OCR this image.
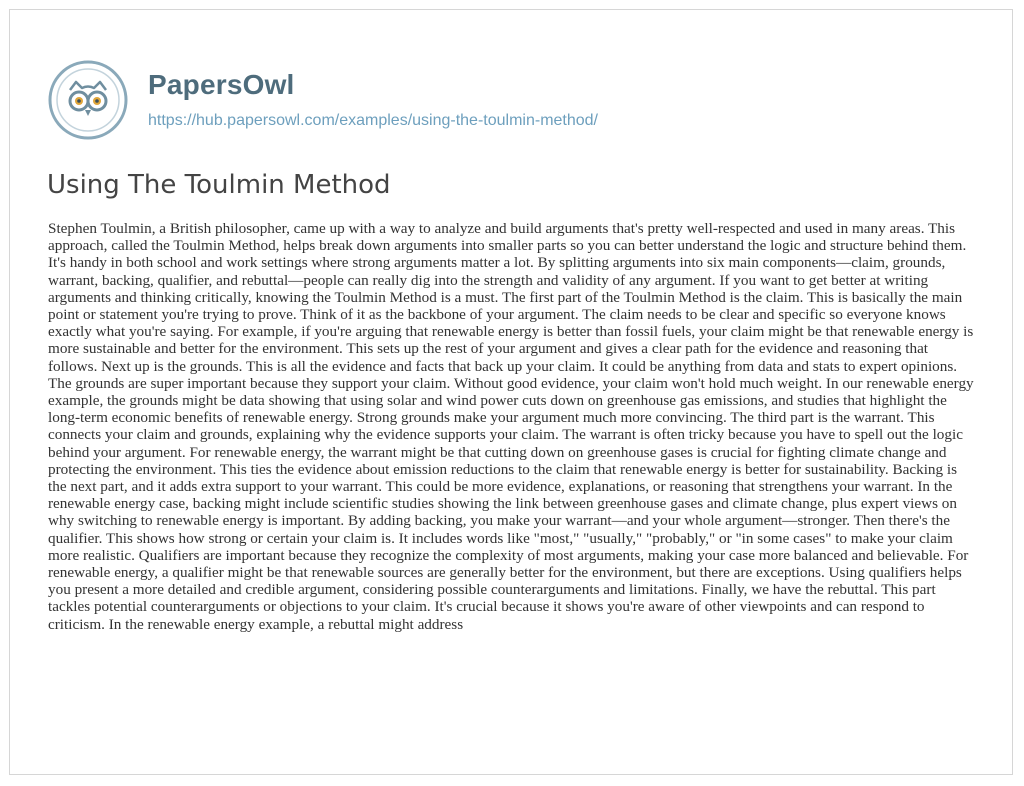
PapersOwl
https://hub.papersowl.com/examples/using-the-toulmin-method/
Using The Toulmin Method

Stephen Toulmin, a British philosopher, came up with a way to analyze and build arguments that's pretty well-respected and used in many areas. This approach, called the Toulmin Method, helps break down arguments into smaller parts so you can better understand the logic and structure behind them. It's handy in both school and work settings where strong arguments matter a lot. By splitting arguments into six main components—claim, grounds, warrant, backing, qualifier, and rebuttal—people can really dig into the strength and validity of any argument. If you want to get better at writing arguments and thinking critically, knowing the Toulmin Method is a must. The first part of the Toulmin Method is the claim. This is basically the main point or statement you're trying to prove. Think of it as the backbone of your argument. The claim needs to be clear and specific so everyone knows exactly what you're saying. For example, if you're arguing that renewable energy is better than fossil fuels, your claim might be that renewable energy is more sustainable and better for the environment. This sets up the rest of your argument and gives a clear path for the evidence and reasoning that follows. Next up is the grounds. This is all the evidence and facts that back up your claim. It could be anything from data and stats to expert opinions. The grounds are super important because they support your claim. Without good evidence, your claim won't hold much weight. In our renewable energy example, the grounds might be data showing that using solar and wind power cuts down on greenhouse gas emissions, and studies that highlight the long-term economic benefits of renewable energy. Strong grounds make your argument much more convincing. The third part is the warrant. This connects your claim and grounds, explaining why the evidence supports your claim. The warrant is often tricky because you have to spell out the logic behind your argument. For renewable energy, the warrant might be that cutting down on greenhouse gases is crucial for fighting climate change and protecting the environment. This ties the evidence about emission reductions to the claim that renewable energy is better for sustainability. Backing is the next part, and it adds extra support to your warrant. This could be more evidence, explanations, or reasoning that strengthens your warrant. In the renewable energy case, backing might include scientific studies showing the link between greenhouse gases and climate change, plus expert views on why switching to renewable energy is important. By adding backing, you make your warrant—and your whole argument—stronger. Then there's the qualifier. This shows how strong or certain your claim is. It includes words like "most," "usually," "probably," or "in some cases" to make your claim more realistic. Qualifiers are important because they recognize the complexity of most arguments, making your case more balanced and believable. For renewable energy, a qualifier might be that renewable sources are generally better for the environment, but there are exceptions. Using qualifiers helps you present a more detailed and credible argument, considering possible counterarguments and limitations. Finally, we have the rebuttal. This part tackles potential counterarguments or objections to your claim. It's crucial because it shows you're aware of other viewpoints and can respond to criticism. In the renewable energy example, a rebuttal might address
